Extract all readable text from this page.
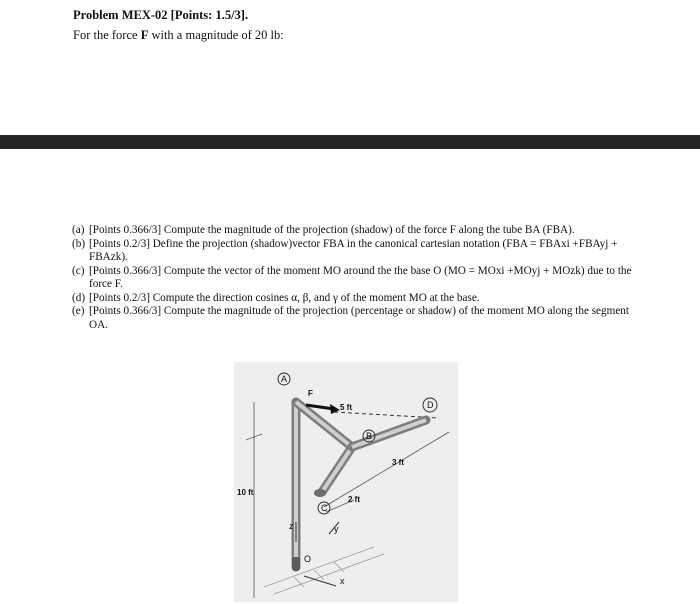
Problem MEX-02 [Points: 1.5/3].
For the force F with a magnitude of 20 lb:
(a) [Points 0.366/3] Compute the magnitude of the projection (shadow) of the force F along the tube BA (FBA).
(b) [Points 0.2/3] Define the projection (shadow)vector FBA in the canonical cartesian notation (FBA = FBAxi +FBAyj + FBAzk).
(c) [Points 0.366/3] Compute the vector of the moment MO around the the base O (MO = MOxi +MOyj + MOzk) due to the force F.
(d) [Points 0.2/3] Compute the direction cosines α, β, and γ of the moment MO at the base.
(e) [Points 0.366/3] Compute the magnitude of the projection (percentage or shadow) of the moment MO along the segment OA.
A
B
C
D
O
F
5 ft
3 ft
2 ft
10 ft
x
y
z
